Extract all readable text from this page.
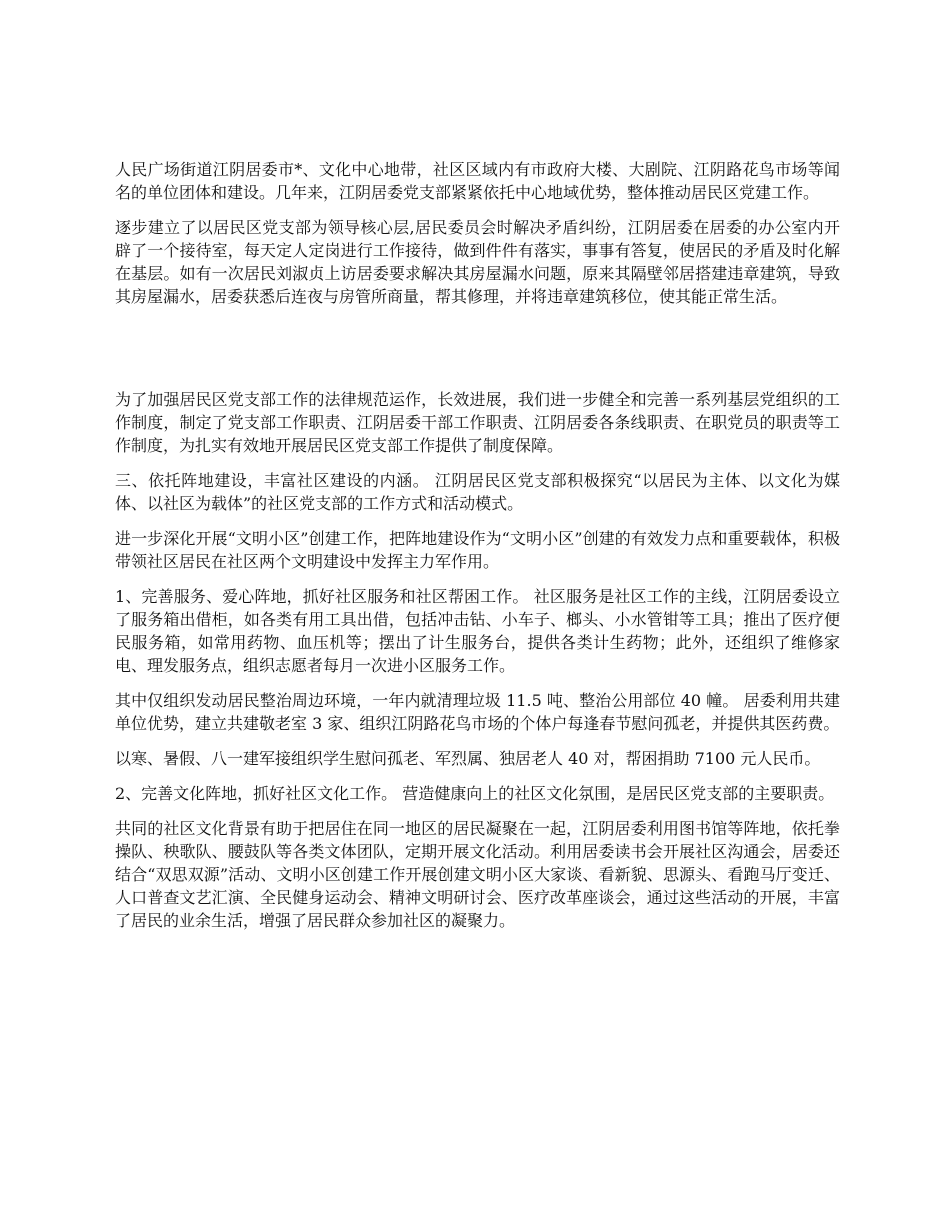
人民广场街道江阴居委市*、文化中心地带，社区区域内有市政府大楼、大剧院、江阴路花鸟市场等闻名的单位团体和建设。几年来，江阴居委党支部紧紧依托中心地域优势，整体推动居民区党建工作。

逐步建立了以居民区党支部为领导核心层,居民委员会时解决矛盾纠纷，江阴居委在居委的办公室内开辟了一个接待室，每天定人定岗进行工作接待，做到件件有落实，事事有答复，使居民的矛盾及时化解在基层。如有一次居民刘淑贞上访居委要求解决其房屋漏水问题，原来其隔壁邻居搭建违章建筑，导致其房屋漏水，居委获悉后连夜与房管所商量，帮其修理，并将违章建筑移位，使其能正常生活。

为了加强居民区党支部工作的法律规范运作，长效进展，我们进一步健全和完善一系列基层党组织的工作制度，制定了党支部工作职责、江阴居委干部工作职责、江阴居委各条线职责、在职党员的职责等工作制度，为扎实有效地开展居民区党支部工作提供了制度保障。

三、依托阵地建设，丰富社区建设的内涵。 江阴居民区党支部积极探究“以居民为主体、以文化为媒体、以社区为载体”的社区党支部的工作方式和活动模式。

进一步深化开展“文明小区”创建工作，把阵地建设作为“文明小区”创建的有效发力点和重要载体，积极带领社区居民在社区两个文明建设中发挥主力军作用。

1、完善服务、爱心阵地，抓好社区服务和社区帮困工作。 社区服务是社区工作的主线，江阴居委设立了服务箱出借柜，如各类有用工具出借，包括冲击钻、小车子、榔头、小水管钳等工具；推出了医疗便民服务箱，如常用药物、血压机等；摆出了计生服务台，提供各类计生药物；此外，还组织了维修家电、理发服务点，组织志愿者每月一次进小区服务工作。

其中仅组织发动居民整治周边环境，一年内就清理垃圾 11.5 吨、整治公用部位 40 幢。 居委利用共建单位优势，建立共建敬老室 3 家、组织江阴路花鸟市场的个体户每逢春节慰问孤老，并提供其医药费。

以寒、暑假、八一建军接组织学生慰问孤老、军烈属、独居老人 40 对，帮困捐助 7100 元人民币。

2、完善文化阵地，抓好社区文化工作。 营造健康向上的社区文化氛围，是居民区党支部的主要职责。

共同的社区文化背景有助于把居住在同一地区的居民凝聚在一起，江阴居委利用图书馆等阵地，依托拳操队、秧歌队、腰鼓队等各类文体团队，定期开展文化活动。利用居委读书会开展社区沟通会，居委还结合“双思双源”活动、文明小区创建工作开展创建文明小区大家谈、看新貌、思源头、看跑马厅变迁、人口普查文艺汇演、全民健身运动会、精神文明研讨会、医疗改革座谈会，通过这些活动的开展，丰富了居民的业余生活，增强了居民群众参加社区的凝聚力。
